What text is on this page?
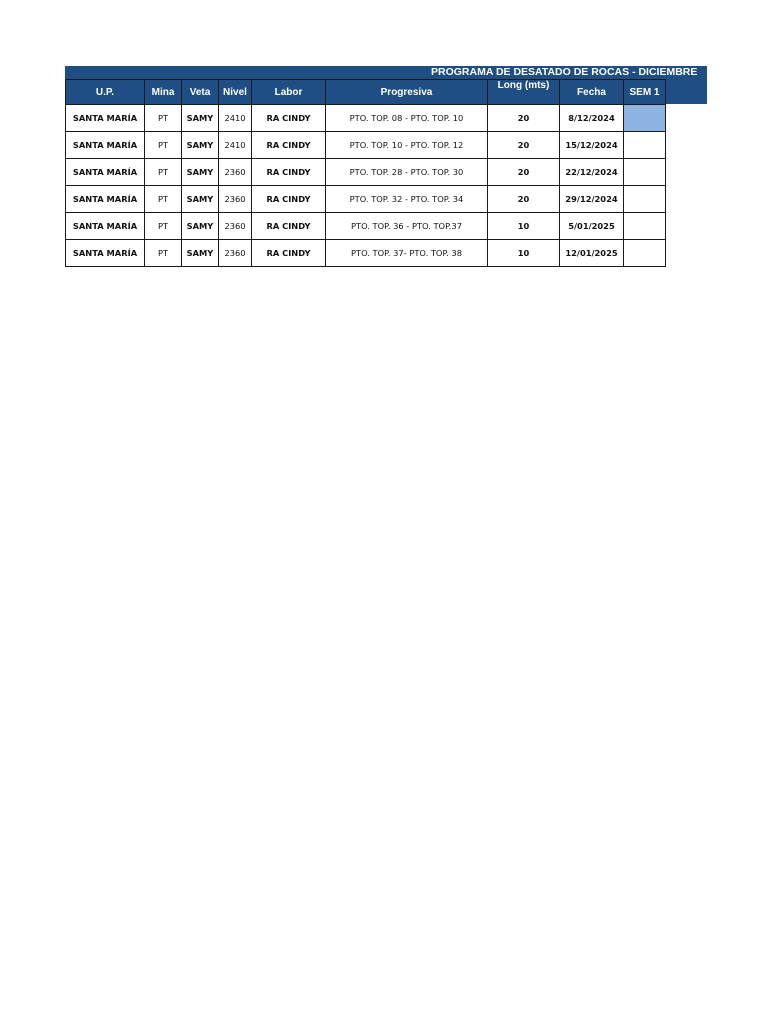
PROGRAMA DE DESATADO DE ROCAS - DICIEMBRE
U.P.	Mina	Veta	Nivel	Labor	Progresiva	Long (mts)	Fecha	SEM 1
SANTA MARÍA	PT	SAMY	2410	RA CINDY	PTO. TOP. 08 - PTO. TOP. 10	20	8/12/2024	
SANTA MARÍA	PT	SAMY	2410	RA CINDY	PTO. TOP. 10 - PTO. TOP. 12	20	15/12/2024	
SANTA MARÍA	PT	SAMY	2360	RA CINDY	PTO. TOP. 28 - PTO. TOP. 30	20	22/12/2024	
SANTA MARÍA	PT	SAMY	2360	RA CINDY	PTO. TOP. 32 - PTO. TOP. 34	20	29/12/2024	
SANTA MARÍA	PT	SAMY	2360	RA CINDY	PTO. TOP. 36 - PTO. TOP.37	10	5/01/2025	
SANTA MARÍA	PT	SAMY	2360	RA CINDY	PTO. TOP. 37- PTO. TOP. 38	10	12/01/2025	
